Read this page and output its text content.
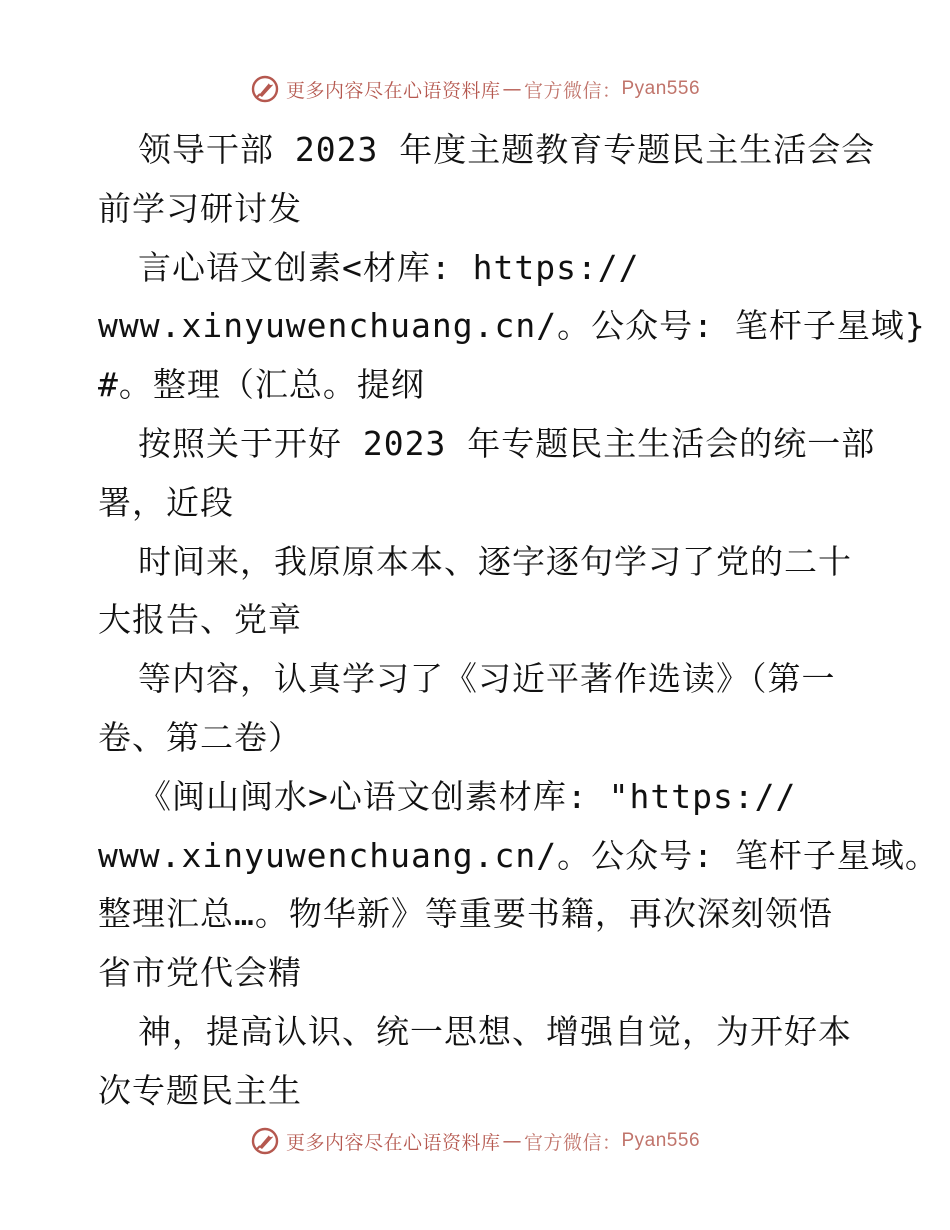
更多内容尽在心语资料库 — 官方微信： Pyan556
领导干部 2023 年度主题教育专题民主生活会会
前学习研讨发
言心语文创素<材库: https://
www.xinyuwenchuang.cn/。公众号: 笔杆子星域}
#。整理（汇总。提纲
按照关于开好 2023 年专题民主生活会的统一部
署，近段
时间来，我原原本本、逐字逐句学习了党的二十
大报告、党章
等内容，认真学习了《习近平著作选读》（第一
卷、第二卷）
《闽山闽水>心语文创素材库: "https://
www.xinyuwenchuang.cn/。公众号: 笔杆子星域。
整理汇总…。物华新》等重要书籍，再次深刻领悟
省市党代会精
神，提高认识、统一思想、增强自觉，为开好本
次专题民主生
更多内容尽在心语资料库 — 官方微信： Pyan556
